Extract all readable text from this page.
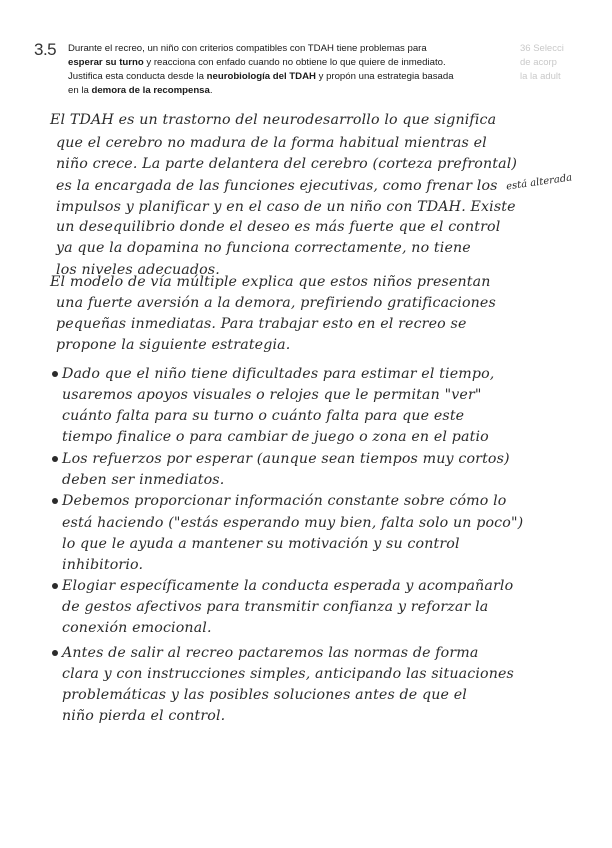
36 Selecci
de acorp
la la adult
3.5 Durante el recreo, un niño con criterios compatibles con TDAH tiene problemas para
esperar su turno y reacciona con enfado cuando no obtiene lo que quiere de inmediato.
Justifica esta conducta desde la neurobiología del TDAH y propón una estrategia basada
en la demora de la recompensa.
El TDAH es un trastorno del neurodesarrollo lo que significa
que el cerebro no madura de la forma habitual mientras el
niño crece. La parte delantera del cerebro (corteza prefrontal)
es la encargada de las funciones ejecutivas, como frenar los
impulsos y planificar y en el caso de un niño con TDAH. Existe
un desequilibrio donde el deseo es más fuerte que el control
ya que la dopamina no funciona correctamente, no tiene
los niveles adecuados.
está alterada
El modelo de vía múltiple explica que estos niños presentan
una fuerte aversión a la demora, prefiriendo gratificaciones
pequeñas inmediatas. Para trabajar esto en el recreo se
propone la siguiente estrategia.
Dado que el niño tiene dificultades para estimar el tiempo,
usaremos apoyos visuales o relojes que le permitan "ver"
cuánto falta para su turno o cuánto falta para que este
tiempo finalice o para cambiar de juego o zona en el patio
Los refuerzos por esperar (aunque sean tiempos muy cortos)
deben ser inmediatos.
Debemos proporcionar información constante sobre cómo lo
está haciendo ("estás esperando muy bien, falta solo un poco")
lo que le ayuda a mantener su motivación y su control
inhibitorio.
Elogiar específicamente la conducta esperada y acompañarlo
de gestos afectivos para transmitir confianza y reforzar la
conexión emocional.
Antes de salir al recreo pactaremos las normas de forma
clara y con instrucciones simples, anticipando las situaciones
problemáticas y las posibles soluciones antes de que el
niño pierda el control.
